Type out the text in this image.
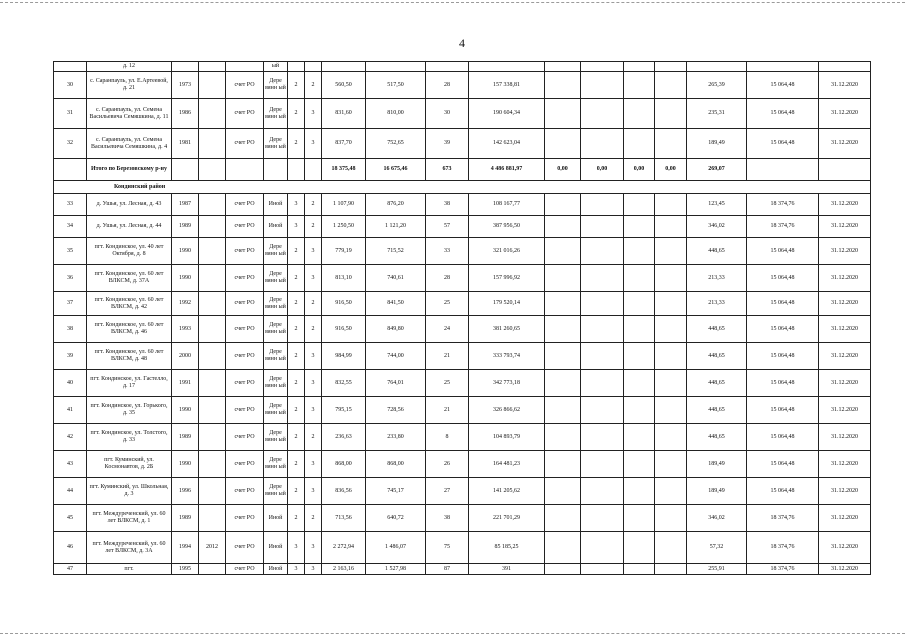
4
	д. 12				ый													
30	с. Саранпауль, ул. Е.Артеевой, д. 21	1973		счет РО	Дере вянн ый	2	2	560,50	517,50	28	157 338,81					265,39	15 064,48	31.12.2020
31	с. Саранпауль, ул. Семена Васильевича Семяшкина, д. 11	1986		счет РО	Дере вянн ый	2	3	831,60	810,00	30	190 604,34					235,31	15 064,48	31.12.2020
32	с. Саранпауль, ул. Семена Васильевича Семяшкина, д. 4	1981		счет РО	Дере вянн ый	2	3	837,70	752,65	39	142 623,04					189,49	15 064,48	31.12.2020
	Итого по Березовскому р-ну							18 375,48	16 675,46	673	4 486 881,97	0,00	0,00	0,00	0,00	269,07		
Кондинский район																		
33	д. Ушья, ул. Лесная, д. 43	1987		счет РО	Иной	3	2	1 107,90	876,20	38	108 167,77					123,45	18 374,76	31.12.2020
34	д. Ушья, ул. Лесная, д. 44	1989		счет РО	Иной	3	2	1 250,50	1 121,20	57	387 956,50					346,02	18 374,76	31.12.2020
35	пгт. Кондинское, ул. 40 лет Октября, д. 8	1990		счет РО	Дере вянн ый	2	3	779,19	715,52	33	321 016,26					448,65	15 064,48	31.12.2020
36	пгт. Кондинское, ул. 60 лет ВЛКСМ, д. 37А	1990		счет РО	Дере вянн ый	2	3	813,10	740,61	28	157 996,92					213,33	15 064,48	31.12.2020
37	пгт. Кондинское, ул. 60 лет ВЛКСМ, д. 42	1992		счет РО	Дере вянн ый	2	2	916,50	841,50	25	179 520,14					213,33	15 064,48	31.12.2020
38	пгт. Кондинское, ул. 60 лет ВЛКСМ, д. 46	1993		счет РО	Дере вянн ый	2	2	916,50	849,80	24	381 260,65					448,65	15 064,48	31.12.2020
39	пгт. Кондинское, ул. 60 лет ВЛКСМ, д. 48	2000		счет РО	Дере вянн ый	2	3	984,99	744,00	21	333 793,74					448,65	15 064,48	31.12.2020
40	пгт. Кондинское, ул. Гастелло, д. 17	1991		счет РО	Дере вянн ый	2	3	832,55	764,01	25	342 773,18					448,65	15 064,48	31.12.2020
41	пгт. Кондинское, ул. Горького, д. 35	1990		счет РО	Дере вянн ый	2	3	795,15	728,56	21	326 866,62					448,65	15 064,48	31.12.2020
42	пгт. Кондинское, ул. Толстого, д. 33	1989		счет РО	Дере вянн ый	2	2	236,63	233,80	8	104 893,79					448,65	15 064,48	31.12.2020
43	пгт. Куминский, ул. Космонавтов, д. 2Б	1990		счет РО	Дере вянн ый	2	3	868,00	868,00	26	164 481,23					189,49	15 064,48	31.12.2020
44	пгт. Куминский, ул. Школьная, д. 3	1996		счет РО	Дере вянн ый	2	3	836,56	745,17	27	141 205,62					189,49	15 064,48	31.12.2020
45	пгт. Междуреченский, ул. 60 лет ВЛКСМ, д. 1	1989		счет РО	Иной	2	2	713,56	640,72	38	221 701,29					346,02	18 374,76	31.12.2020
46	пгт. Междуреченский, ул. 60 лет ВЛКСМ, д. 3А	1994	2012	счет РО	Иной	3	3	2 272,94	1 486,07	75	85 185,25					57,32	18 374,76	31.12.2020
47	пгт.	1995		счет РО	Иной	3	3	2 163,16	1 527,98	87	391					255,91	18 374,76	31.12.2020
